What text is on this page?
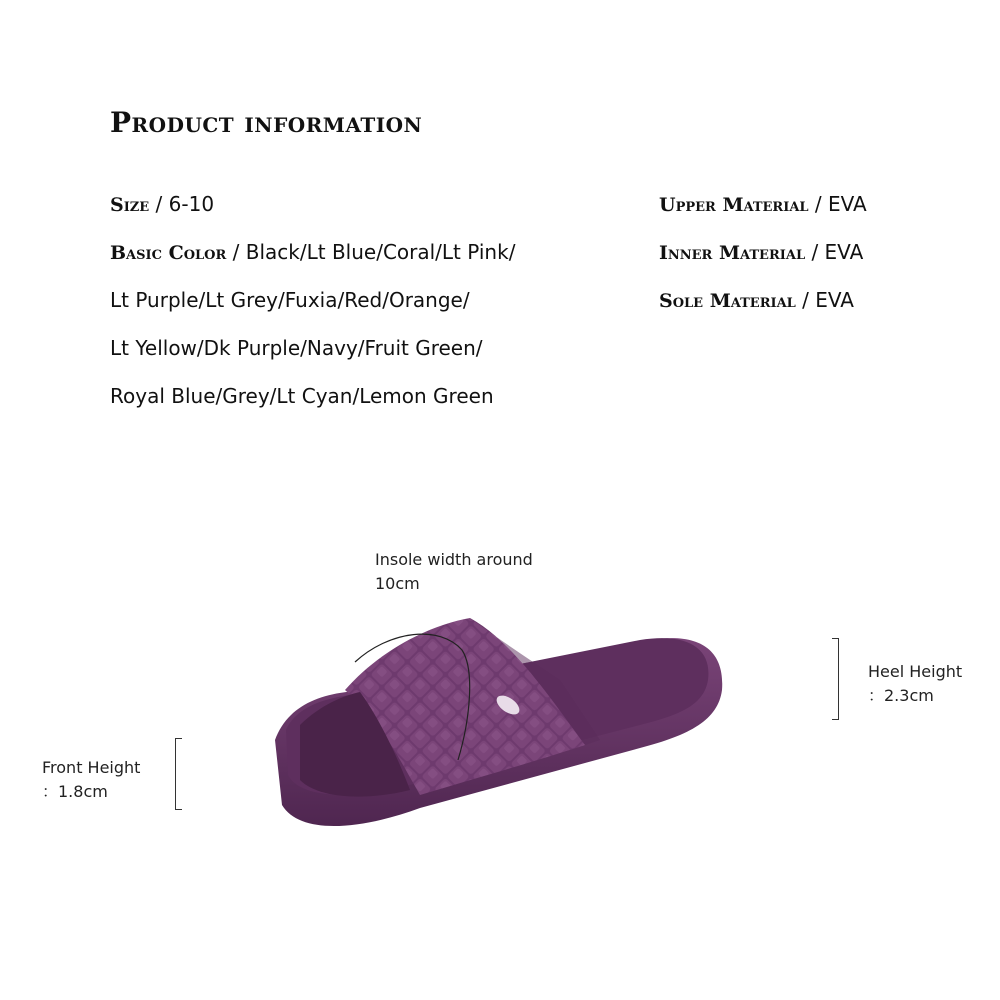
Product information
Size / 6-10
Basic Color / Black/Lt Blue/Coral/Lt Pink/
Lt Purple/Lt Grey/Fuxia/Red/Orange/
Lt Yellow/Dk Purple/Navy/Fruit Green/
Royal Blue/Grey/Lt Cyan/Lemon Green
Upper Material / EVA
Inner Material / EVA
Sole Material / EVA
Insole width around
10cm
Heel Height
：2.3cm
Front Height
：1.8cm
